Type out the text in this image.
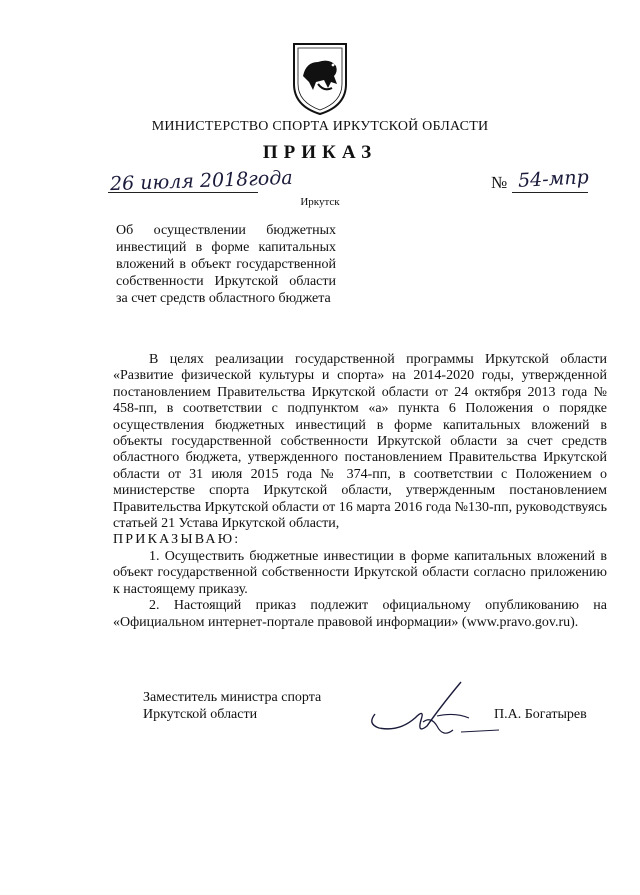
МИНИСТЕРСТВО СПОРТА ИРКУТСКОЙ ОБЛАСТИ
ПРИКАЗ
26 июля 2018года	№ 54-мпр
Иркутск
Об осуществлении бюджетных инвестиций в форме капитальных вложений в объект государственной собственности Иркутской области за счет средств областного бюджета

В целях реализации государственной программы Иркутской области «Развитие физической культуры и спорта» на 2014-2020 годы, утвержденной постановлением Правительства Иркутской области от 24 октября 2013 года № 458-пп, в соответствии с подпунктом «а» пункта 6 Положения о порядке осуществления бюджетных инвестиций в форме капитальных вложений в объекты государственной собственности Иркутской области за счет средств областного бюджета, утвержденного постановлением Правительства Иркутской области от 31 июля 2015 года № 374-пп, в соответствии с Положением о министерстве спорта Иркутской области, утвержденным постановлением Правительства Иркутской области от 16 марта 2016 года №130-пп, руководствуясь статьей 21 Устава Иркутской области,

ПРИКАЗЫВАЮ:

1. Осуществить бюджетные инвестиции в форме капитальных вложений в объект государственной собственности Иркутской области согласно приложению к настоящему приказу.

2. Настоящий приказ подлежит официальному опубликованию на «Официальном интернет-портале правовой информации» (www.pravo.gov.ru).

Заместитель министра спорта
Иркутской области	П.А. Богатырев
